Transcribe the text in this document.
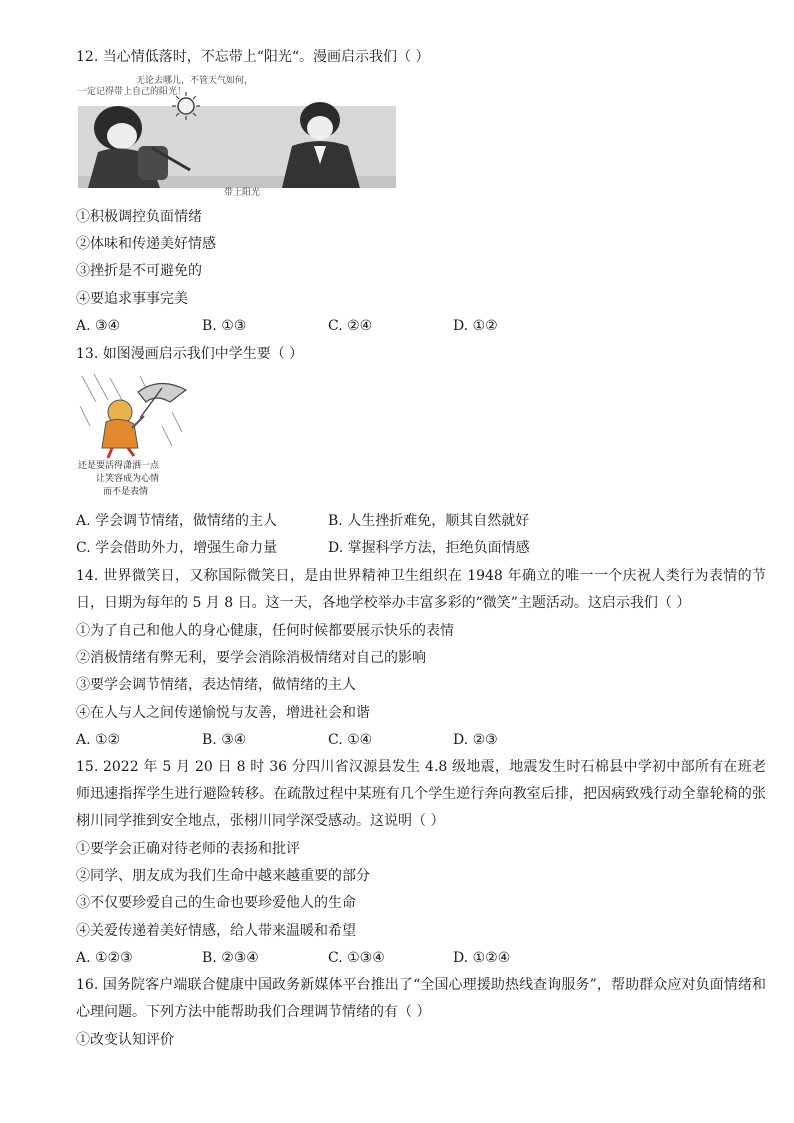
12. 当心情低落时，不忘带上“阳光“。漫画启示我们（ ）
无论去哪儿，不管天气如何，
一定记得带上自己的阳光！
带上阳光
①积极调控负面情绪
②体味和传递美好情感
③挫折是不可避免的
④要追求事事完美
A. ③④	B. ①③	C. ②④	D. ①②
13. 如图漫画启示我们中学生要（ ）
还是要活得潇洒一点
让笑容成为心情
而不是表情
A. 学会调节情绪，做情绪的主人	B. 人生挫折难免，顺其自然就好
C. 学会借助外力，增强生命力量	D. 掌握科学方法，拒绝负面情感
14. 世界微笑日，又称国际微笑日，是由世界精神卫生组织在 1948 年确立的唯一一个庆祝人类行为表情的节日，日期为每年的 5 月 8 日。这一天，各地学校举办丰富多彩的“微笑”主题活动。这启示我们（ ）
①为了自己和他人的身心健康，任何时候都要展示快乐的表情
②消极情绪有弊无利，要学会消除消极情绪对自己的影响
③要学会调节情绪，表达情绪，做情绪的主人
④在人与人之间传递愉悦与友善，增进社会和谐
A. ①②	B. ③④	C. ①④	D. ②③
15. 2022 年 5 月 20 日 8 时 36 分四川省汉源县发生 4.8 级地震，地震发生时石棉县中学初中部所有在班老师迅速指挥学生进行避险转移。在疏散过程中某班有几个学生逆行奔向教室后排，把因病致残行动全靠轮椅的张栩川同学推到安全地点，张栩川同学深受感动。这说明（ ）
①要学会正确对待老师的表扬和批评
②同学、朋友成为我们生命中越来越重要的部分
③不仅要珍爱自己的生命也要珍爱他人的生命
④关爱传递着美好情感，给人带来温暖和希望
A. ①②③	B. ②③④	C. ①③④	D. ①②④
16. 国务院客户端联合健康中国政务新媒体平台推出了“全国心理援助热线查询服务”，帮助群众应对负面情绪和心理问题。下列方法中能帮助我们合理调节情绪的有（ ）
①改变认知评价
